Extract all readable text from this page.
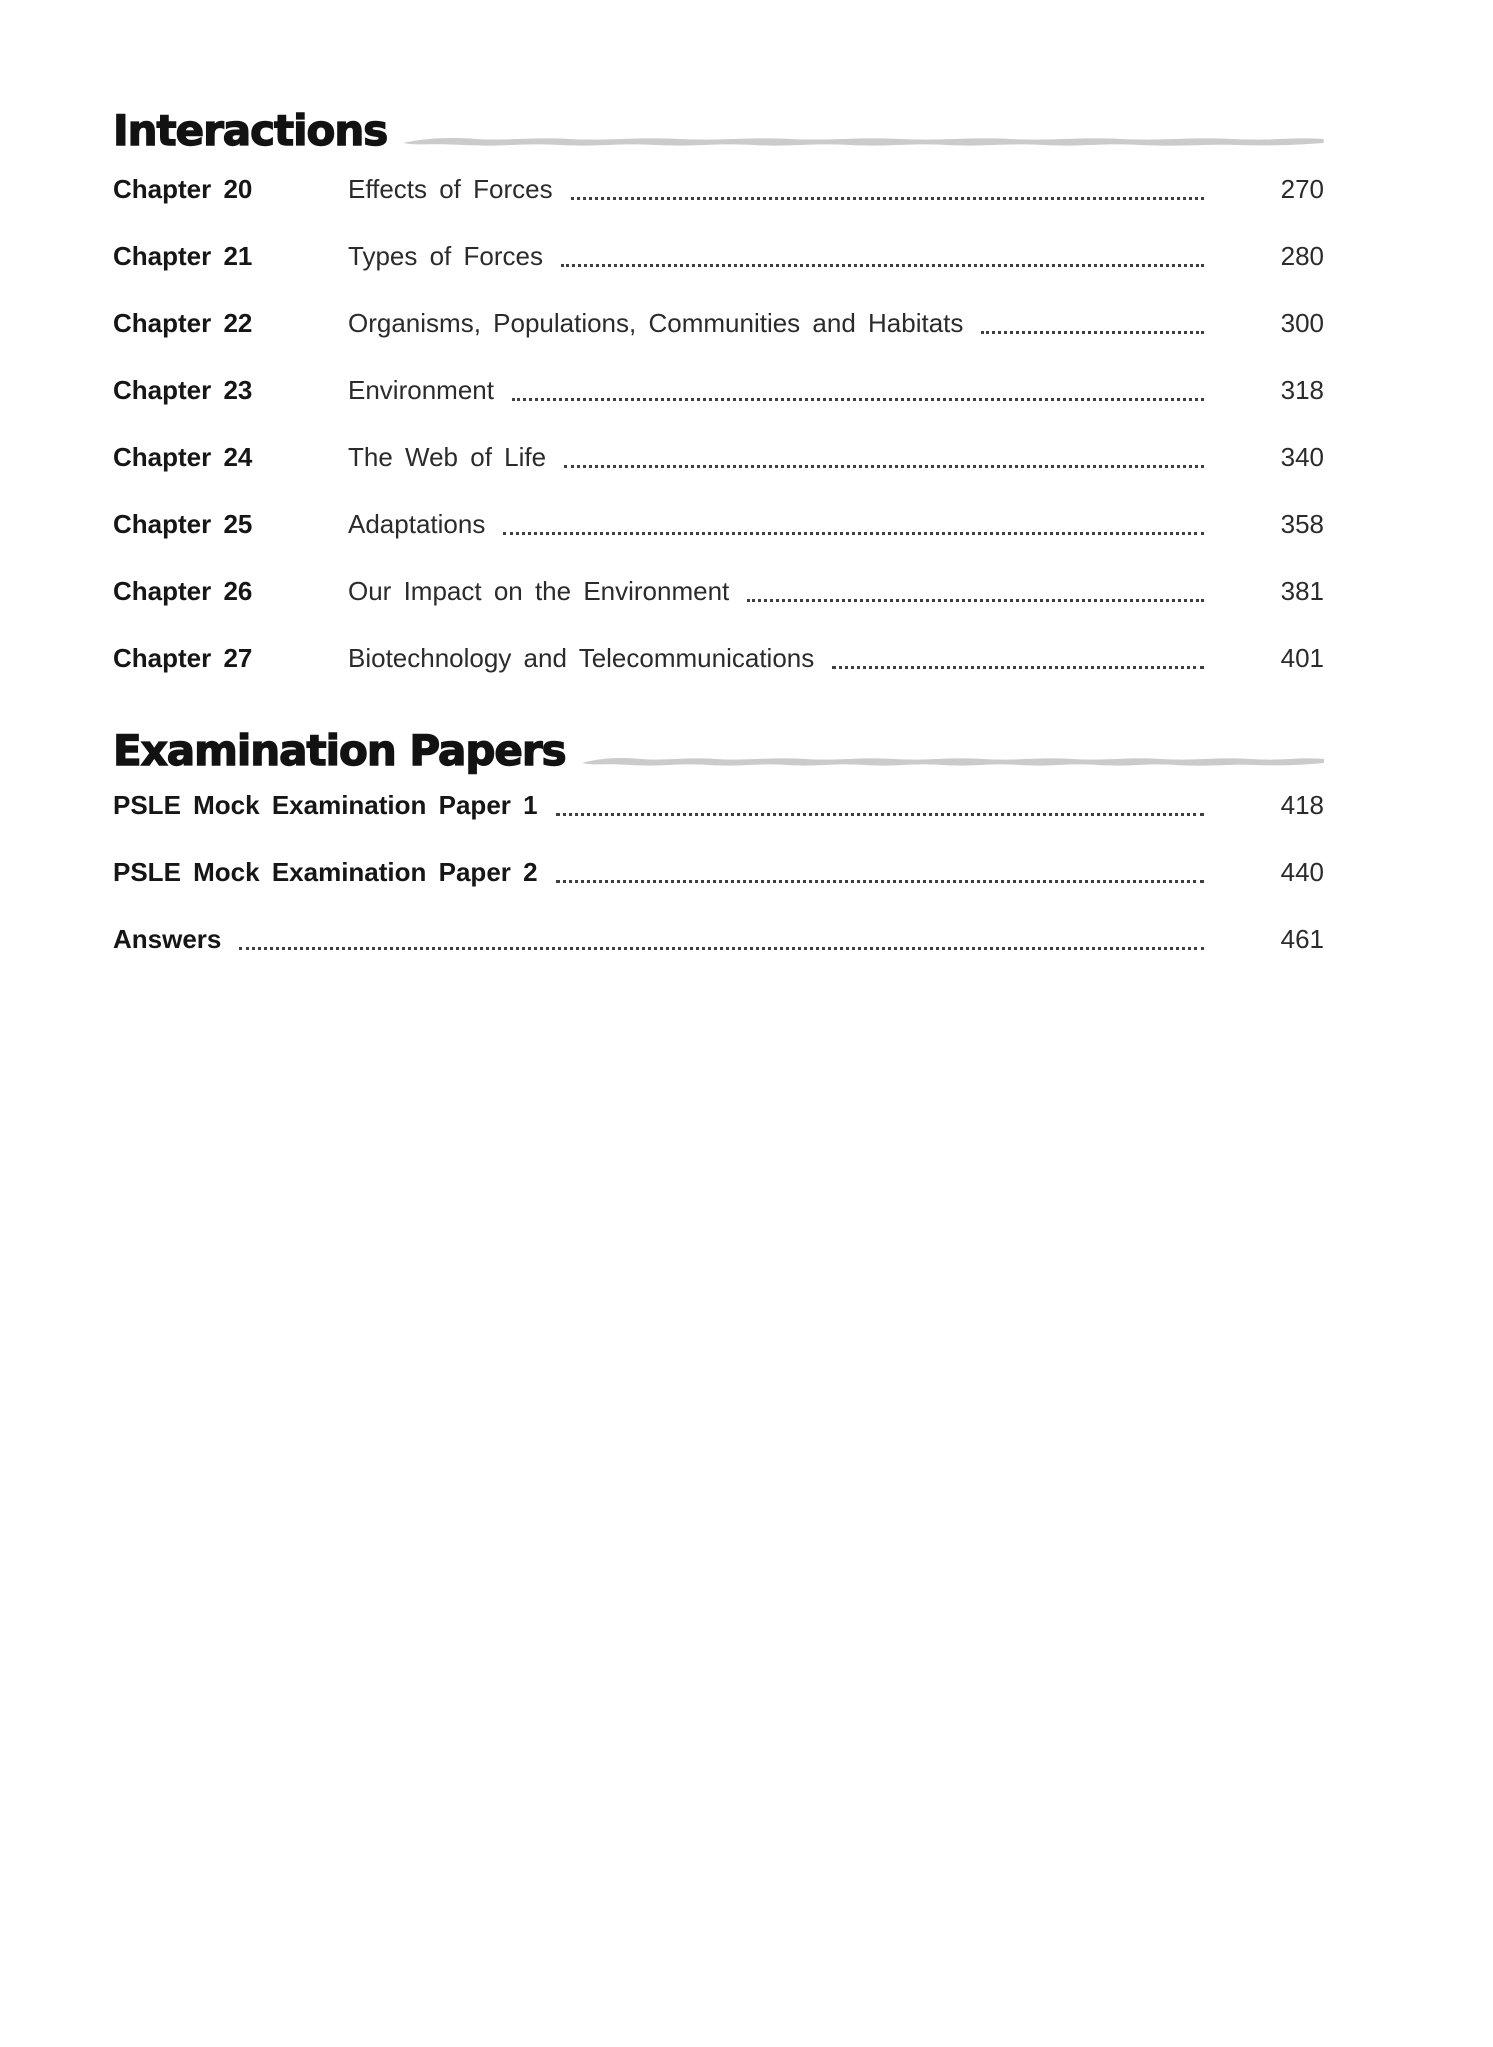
Interactions
Chapter 20	Effects of Forces	270
Chapter 21	Types of Forces	280
Chapter 22	Organisms, Populations, Communities and Habitats	300
Chapter 23	Environment	318
Chapter 24	The Web of Life	340
Chapter 25	Adaptations	358
Chapter 26	Our Impact on the Environment	381
Chapter 27	Biotechnology and Telecommunications	401
Examination Papers
PSLE Mock Examination Paper 1	418
PSLE Mock Examination Paper 2	440
Answers	461
